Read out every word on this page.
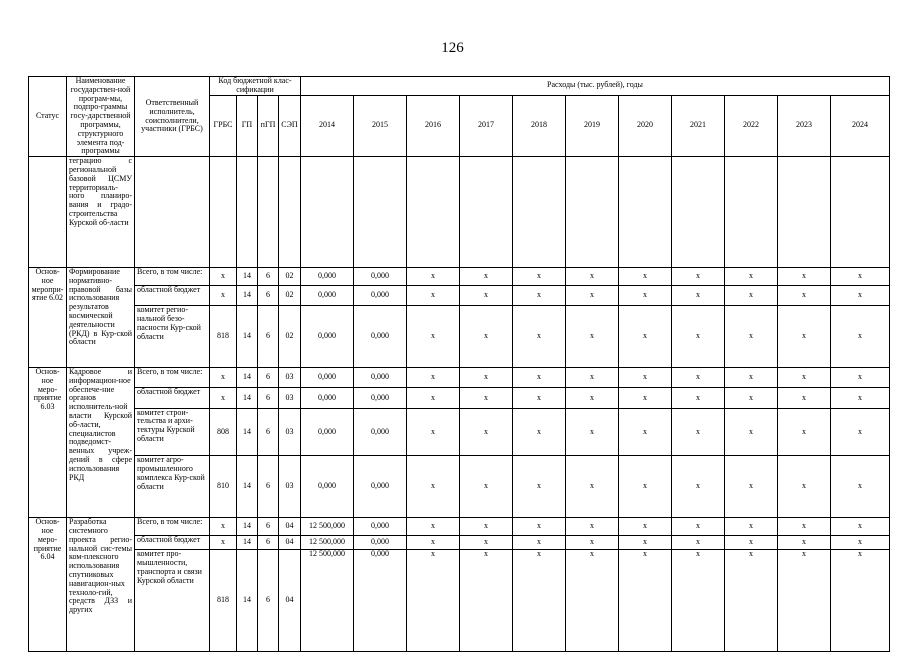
126
Статус	Наименование государствен-ной програм-мы, подпро-граммы госу-дарственной программы, структурного элемента под-программы	Ответственный исполнитель, соисполнители, участники (ГРБС)	Код бюджетной клас-сификации				Расходы (тыс. рублей), годы										
			ГРБС	ГП	пГП	СЭП	2014	2015	2016	2017	2018	2019	2020	2021	2022	2023	2024
	теграцию с региональной базовой ЦСМУ территориаль-ного планиро-вания и градо-строительства Курской об-ласти																
Основ-ное меропри-ятие 6.02	Формирование нормативно-правовой базы использования результатов космической деятельности (РКД) в Кур-ской области	Всего, в том числе:	x	14	6	02	0,000	0,000	x	x	x	x	x	x	x	x	x
		областной бюджет	x	14	6	02	0,000	0,000	x	x	x	x	x	x	x	x	x
		комитет регио-нальной безо-пасности Кур-ской области	818	14	6	02	0,000	0,000	x	x	x	x	x	x	x	x	x
Основ-ное меро-приятие 6.03	Кадровое и информацион-ное обеспече-ние органов исполнитель-ной власти Курской об-ласти, специалистов подведомст-венных учреж-дений в сфере использования РКД	Всего, в том числе:	x	14	6	03	0,000	0,000	x	x	x	x	x	x	x	x	x
		областной бюджет	x	14	6	03	0,000	0,000	x	x	x	x	x	x	x	x	x
		комитет строи-тельства и архи-тектуры Курской области	808	14	6	03	0,000	0,000	x	x	x	x	x	x	x	x	x
		комитет агро-промышленного комплекса Кур-ской области	810	14	6	03	0,000	0,000	x	x	x	x	x	x	x	x	x
Основ-ное меро-приятие 6.04	Разработка системного проекта регио-нальной сис-темы ком-плексного использования спутниковых навигацион-ных техноло-гий, средств ДЗЗ и других	Всего, в том числе:	x	14	6	04	12 500,000	0,000	x	x	x	x	x	x	x	x	x
		областной бюджет	x	14	6	04	12 500,000	0,000	x	x	x	x	x	x	x	x	x
		комитет про-мышленности, транспорта и связи Курской области	818	14	6	04	12 500,000	0,000	x	x	x	x	x	x	x	x	x
